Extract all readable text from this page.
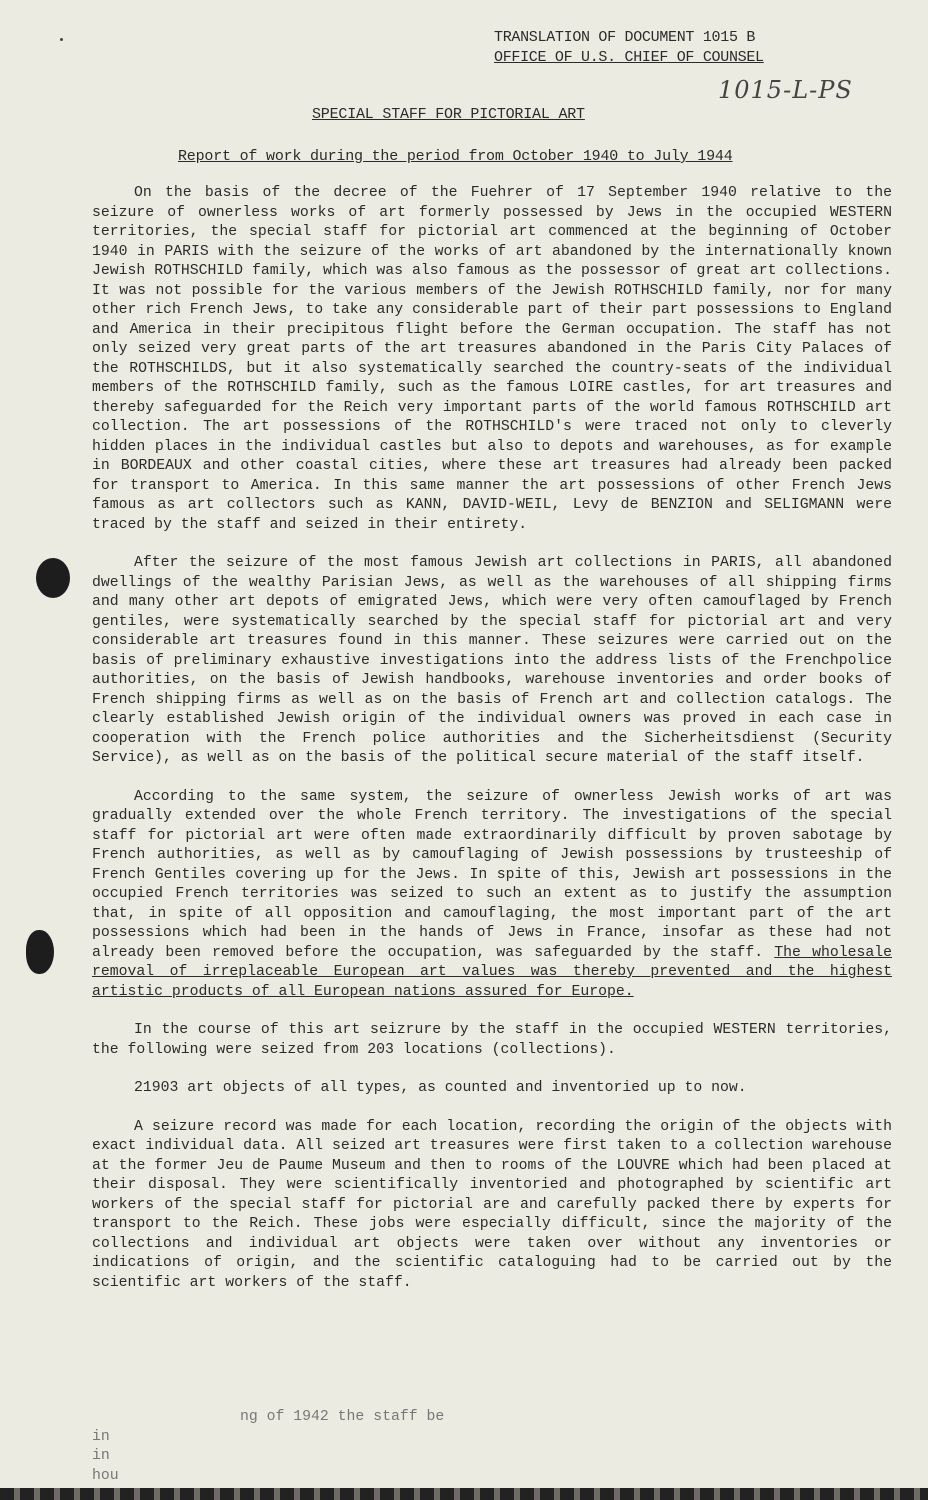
TRANSLATION OF DOCUMENT 1015 B
OFFICE OF U.S. CHIEF OF COUNSEL
1015-L-PS
SPECIAL STAFF FOR PICTORIAL ART
Report of work during the period from October 1940 to July 1944

On the basis of the decree of the Fuehrer of 17 September 1940 relative to the seizure of ownerless works of art formerly possessed by Jews in the occupied WESTERN territories, the special staff for pictorial art commenced at the beginning of October 1940 in PARIS with the seizure of the works of art abandoned by the internationally known Jewish ROTHSCHILD family, which was also famous as the possessor of great art collections. It was not possible for the various members of the Jewish ROTHSCHILD family, nor for many other rich French Jews, to take any considerable part of their part possessions to England and America in their precipitous flight before the German occupation. The staff has not only seized very great parts of the art treasures abandoned in the Paris City Palaces of the ROTHSCHILDS, but it also systematically searched the country-seats of the individual members of the ROTHSCHILD family, such as the famous LOIRE castles, for art treasures and thereby safeguarded for the Reich very important parts of the world famous ROTHSCHILD art collection. The art possessions of the ROTHSCHILD's were traced not only to cleverly hidden places in the individual castles but also to depots and warehouses, as for example in BORDEAUX and other coastal cities, where these art treasures had already been packed for transport to America. In this same manner the art possessions of other French Jews famous as art collectors such as KANN, DAVID-WEIL, Levy de BENZION and SELIGMANN were traced by the staff and seized in their entirety.

After the seizure of the most famous Jewish art collections in PARIS, all abandoned dwellings of the wealthy Parisian Jews, as well as the warehouses of all shipping firms and many other art depots of emigrated Jews, which were very often camouflaged by French gentiles, were systematically searched by the special staff for pictorial art and very considerable art treasures found in this manner. These seizures were carried out on the basis of preliminary exhaustive investigations into the address lists of the Frenchpolice authorities, on the basis of Jewish handbooks, warehouse inventories and order books of French shipping firms as well as on the basis of French art and collection catalogs. The clearly established Jewish origin of the individual owners was proved in each case in cooperation with the French police authorities and the Sicherheitsdienst (Security Service), as well as on the basis of the political secure material of the staff itself.

According to the same system, the seizure of ownerless Jewish works of art was gradually extended over the whole French territory. The investigations of the special staff for pictorial art were often made extraordinarily difficult by proven sabotage by French authorities, as well as by camouflaging of Jewish possessions by trusteeship of French Gentiles covering up for the Jews. In spite of this, Jewish art possessions in the occupied French territories was seized to such an extent as to justify the assumption that, in spite of all opposition and camouflaging, the most important part of the art possessions which had been in the hands of Jews in France, insofar as these had not already been removed before the occupation, was safeguarded by the staff. The wholesale removal of irreplaceable European art values was thereby prevented and the highest artistic products of all European nations assured for Europe.

In the course of this art seizrure by the staff in the occupied WESTERN territories, the following were seized from 203 locations (collections).

21903 art objects of all types, as counted and inventoried up to now.

A seizure record was made for each location, recording the origin of the objects with exact individual data. All seized art treasures were first taken to a collection warehouse at the former Jeu de Paume Museum and then to rooms of the LOUVRE which had been placed at their disposal. They were scientifically inventoried and photographed by scientific art workers of the special staff for pictorial are and carefully packed there by experts for transport to the Reich. These jobs were especially difficult, since the majority of the collections and individual art objects were taken over without any inventories or indications of origin, and the scientific cataloguing had to be carried out by the scientific art workers of the staff.

ng of 1942 the staff be
in
in
hou
